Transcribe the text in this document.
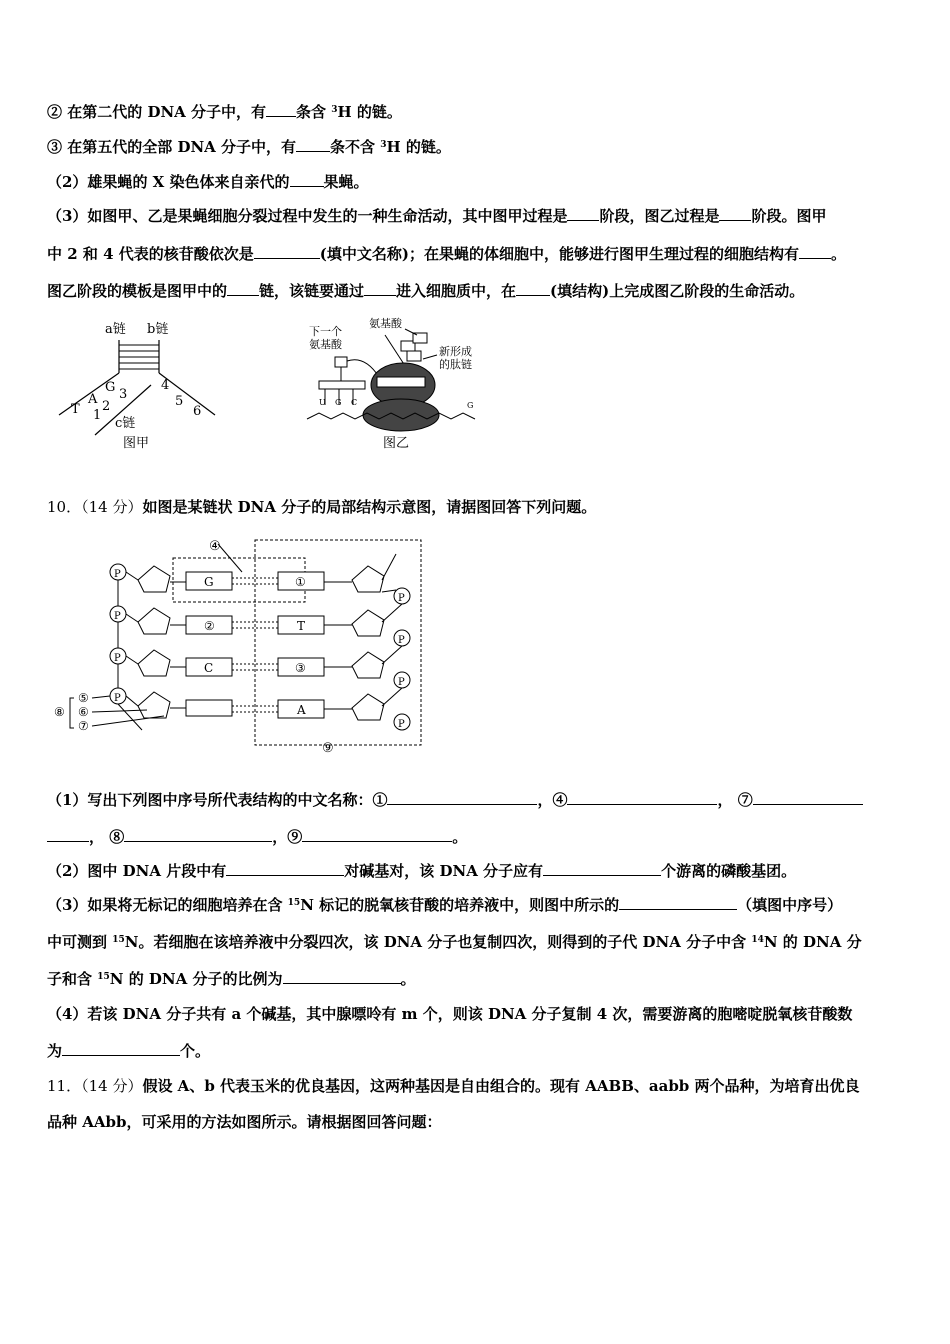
② 在第二代的 DNA 分子中，有 条含 $^3$H 的链。
③ 在第五代的全部 DNA 分子中，有 条不含 $^3$H 的链。
（2）雄果蝇的 X 染色体来自亲代的 果蝇。
（3）如图甲、乙是果蝇细胞分裂过程中发生的一种生命活动，其中图甲过程是 阶段，图乙过程是 阶段。图甲
中 2 和 4 代表的核苷酸依次是	(填中文名称)；在果蝇的体细胞中，能够进行图甲生理过程的细胞结构有 。
图乙阶段的模板是图甲中的 链，该链要通过 进入细胞质中，在 (填结构)上完成图乙阶段的生命活动。
a链 b链
T
A
G
1
2
3
4
5
6
c链
图甲
下一个
氨基酸
氨基酸
新形成
的肽链
U G C	G
图乙
10．（14 分）如图是某链状 DNA 分子的局部结构示意图，请据图回答下列问题。
④
⑨
P
G	①
P
P
②	T
P
P
C	③
P
P
A
P
⑤
⑥
⑦
⑧
（1）写出下列图中序号所代表结构的中文名称：①	，④	， ⑦
， ⑧	，⑨	。
（2）图中 DNA 片段中有	对碱基对，该 DNA 分子应有	个游离的磷酸基团。
（3）如果将无标记的细胞培养在含 $^{15}$N 标记的脱氧核苷酸的培养液中，则图中所示的	（填图中序号）
中可测到 $^{15}$N。若细胞在该培养液中分裂四次，该 DNA 分子也复制四次，则得到的子代 DNA 分子中含 $^{14}$N 的 DNA 分
子和含 $^{15}$N 的 DNA 分子的比例为	。
（4）若该 DNA 分子共有 a 个碱基，其中腺嘌呤有 m 个，则该 DNA 分子复制 4 次，需要游离的胞嘧啶脱氧核苷酸数
为	个。
11．（14 分）假设 A、b 代表玉米的优良基因，这两种基因是自由组合的。现有 AABB、aabb 两个品种，为培育出优良
品种 AAbb，可采用的方法如图所示。请根据图回答问题：
